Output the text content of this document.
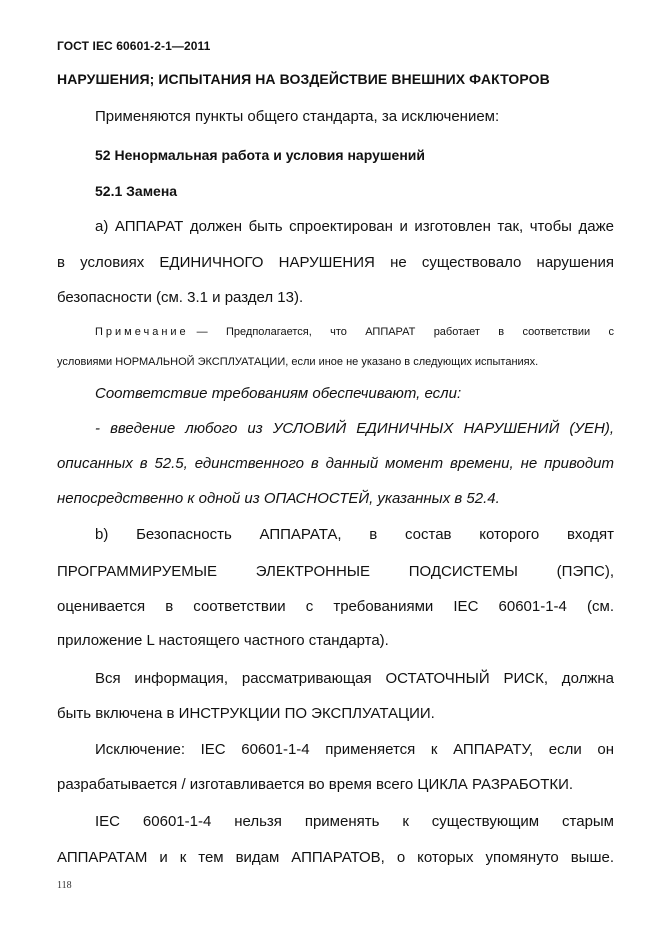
ГОСТ IEC 60601-2-1—2011
НАРУШЕНИЯ; ИСПЫТАНИЯ НА ВОЗДЕЙСТВИЕ ВНЕШНИХ ФАКТОРОВ
Применяются пункты общего стандарта, за исключением:
52 Ненормальная работа и условия нарушений
52.1 Замена
а) АППАРАТ должен быть спроектирован и изготовлен так, чтобы даже
в условиях ЕДИНИЧНОГО НАРУШЕНИЯ не существовало нарушения
безопасности (см. 3.1 и раздел 13).
Примечание — Предполагается, что АППАРАТ работает в соответствии с
условиями НОРМАЛЬНОЙ ЭКСПЛУАТАЦИИ, если иное не указано в следующих испытаниях.
Соответствие требованиям обеспечивают, если:
- введение любого из УСЛОВИЙ ЕДИНИЧНЫХ НАРУШЕНИЙ (УЕН),
описанных в 52.5, единственного в данный момент времени, не приводит
непосредственно к одной из ОПАСНОСТЕЙ, указанных в 52.4.
b) Безопасность АППАРАТА, в состав которого входят
ПРОГРАММИРУЕМЫЕ ЭЛЕКТРОННЫЕ ПОДСИСТЕМЫ (ПЭПС),
оценивается в соответствии с требованиями IEC 60601-1-4 (см.
приложение L настоящего частного стандарта).
Вся информация, рассматривающая ОСТАТОЧНЫЙ РИСК, должна
быть включена в ИНСТРУКЦИИ ПО ЭКСПЛУАТАЦИИ.
Исключение: IEC 60601-1-4 применяется к АППАРАТУ, если он
разрабатывается / изготавливается во время всего ЦИКЛА РАЗРАБОТКИ.
IEC 60601-1-4 нельзя применять к существующим старым
АППАРАТАМ и к тем видам АППАРАТОВ, о которых упомянуто выше.
118
